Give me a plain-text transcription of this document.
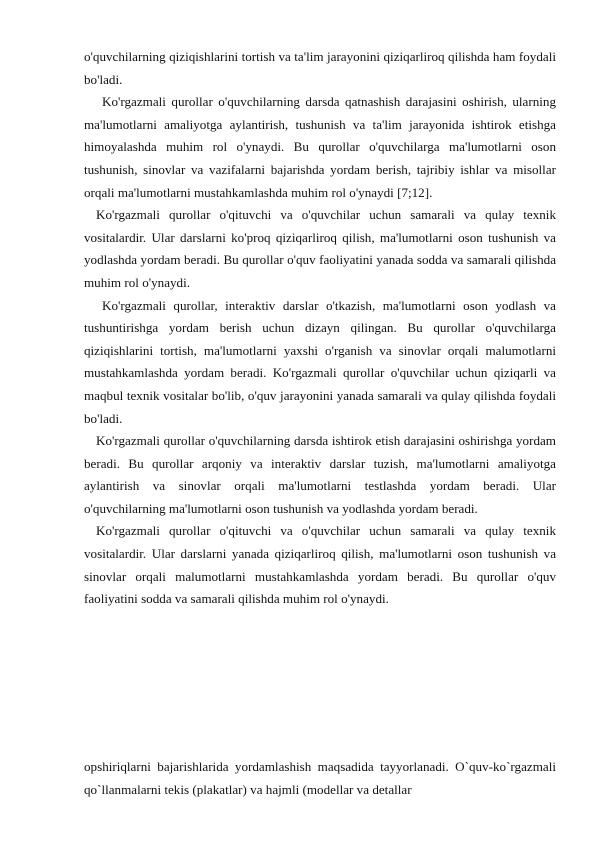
o'quvchilarning qiziqishlarini tortish va ta'lim jarayonini qiziqarliroq qilishda ham foydali bo'ladi.

Ko'rgazmali qurollar o'quvchilarning darsda qatnashish darajasini oshirish, ularning ma'lumotlarni amaliyotga aylantirish, tushunish va ta'lim jarayonida ishtirok etishga himoyalashda muhim rol o'ynaydi. Bu qurollar o'quvchilarga ma'lumotlarni oson tushunish, sinovlar va vazifalarni bajarishda yordam berish, tajribiy ishlar va misollar orqali ma'lumotlarni mustahkamlashda muhim rol o'ynaydi [7;12].

Ko'rgazmali qurollar o'qituvchi va o'quvchilar uchun samarali va qulay texnik vositalardir. Ular darslarni ko'proq qiziqarliroq qilish, ma'lumotlarni oson tushunish va yodlashda yordam beradi. Bu qurollar o'quv faoliyatini yanada sodda va samarali qilishda muhim rol o'ynaydi.

Ko'rgazmali qurollar, interaktiv darslar o'tkazish, ma'lumotlarni oson yodlash va tushuntirishga yordam berish uchun dizayn qilingan. Bu qurollar o'quvchilarga qiziqishlarini tortish, ma'lumotlarni yaxshi o'rganish va sinovlar orqali malumotlarni mustahkamlashda yordam beradi. Ko'rgazmali qurollar o'quvchilar uchun qiziqarli va maqbul texnik vositalar bo'lib, o'quv jarayonini yanada samarali va qulay qilishda foydali bo'ladi.

Ko'rgazmali qurollar o'quvchilarning darsda ishtirok etish darajasini oshirishga yordam beradi. Bu qurollar arqoniy va interaktiv darslar tuzish, ma'lumotlarni amaliyotga aylantirish va sinovlar orqali ma'lumotlarni testlashda yordam beradi. Ular o'quvchilarning ma'lumotlarni oson tushunish va yodlashda yordam beradi.

Ko'rgazmali qurollar o'qituvchi va o'quvchilar uchun samarali va qulay texnik vositalardir. Ular darslarni yanada qiziqarliroq qilish, ma'lumotlarni oson tushunish va sinovlar orqali malumotlarni mustahkamlashda yordam beradi. Bu qurollar o'quv faoliyatini sodda va samarali qilishda muhim rol o'ynaydi.

opshiriqlarni bajarishlarida yordamlashish maqsadida tayyorlanadi. O`quv-ko`rgazmali qo`llanmalarni tekis (plakatlar) va hajmli (modellar va detallar
